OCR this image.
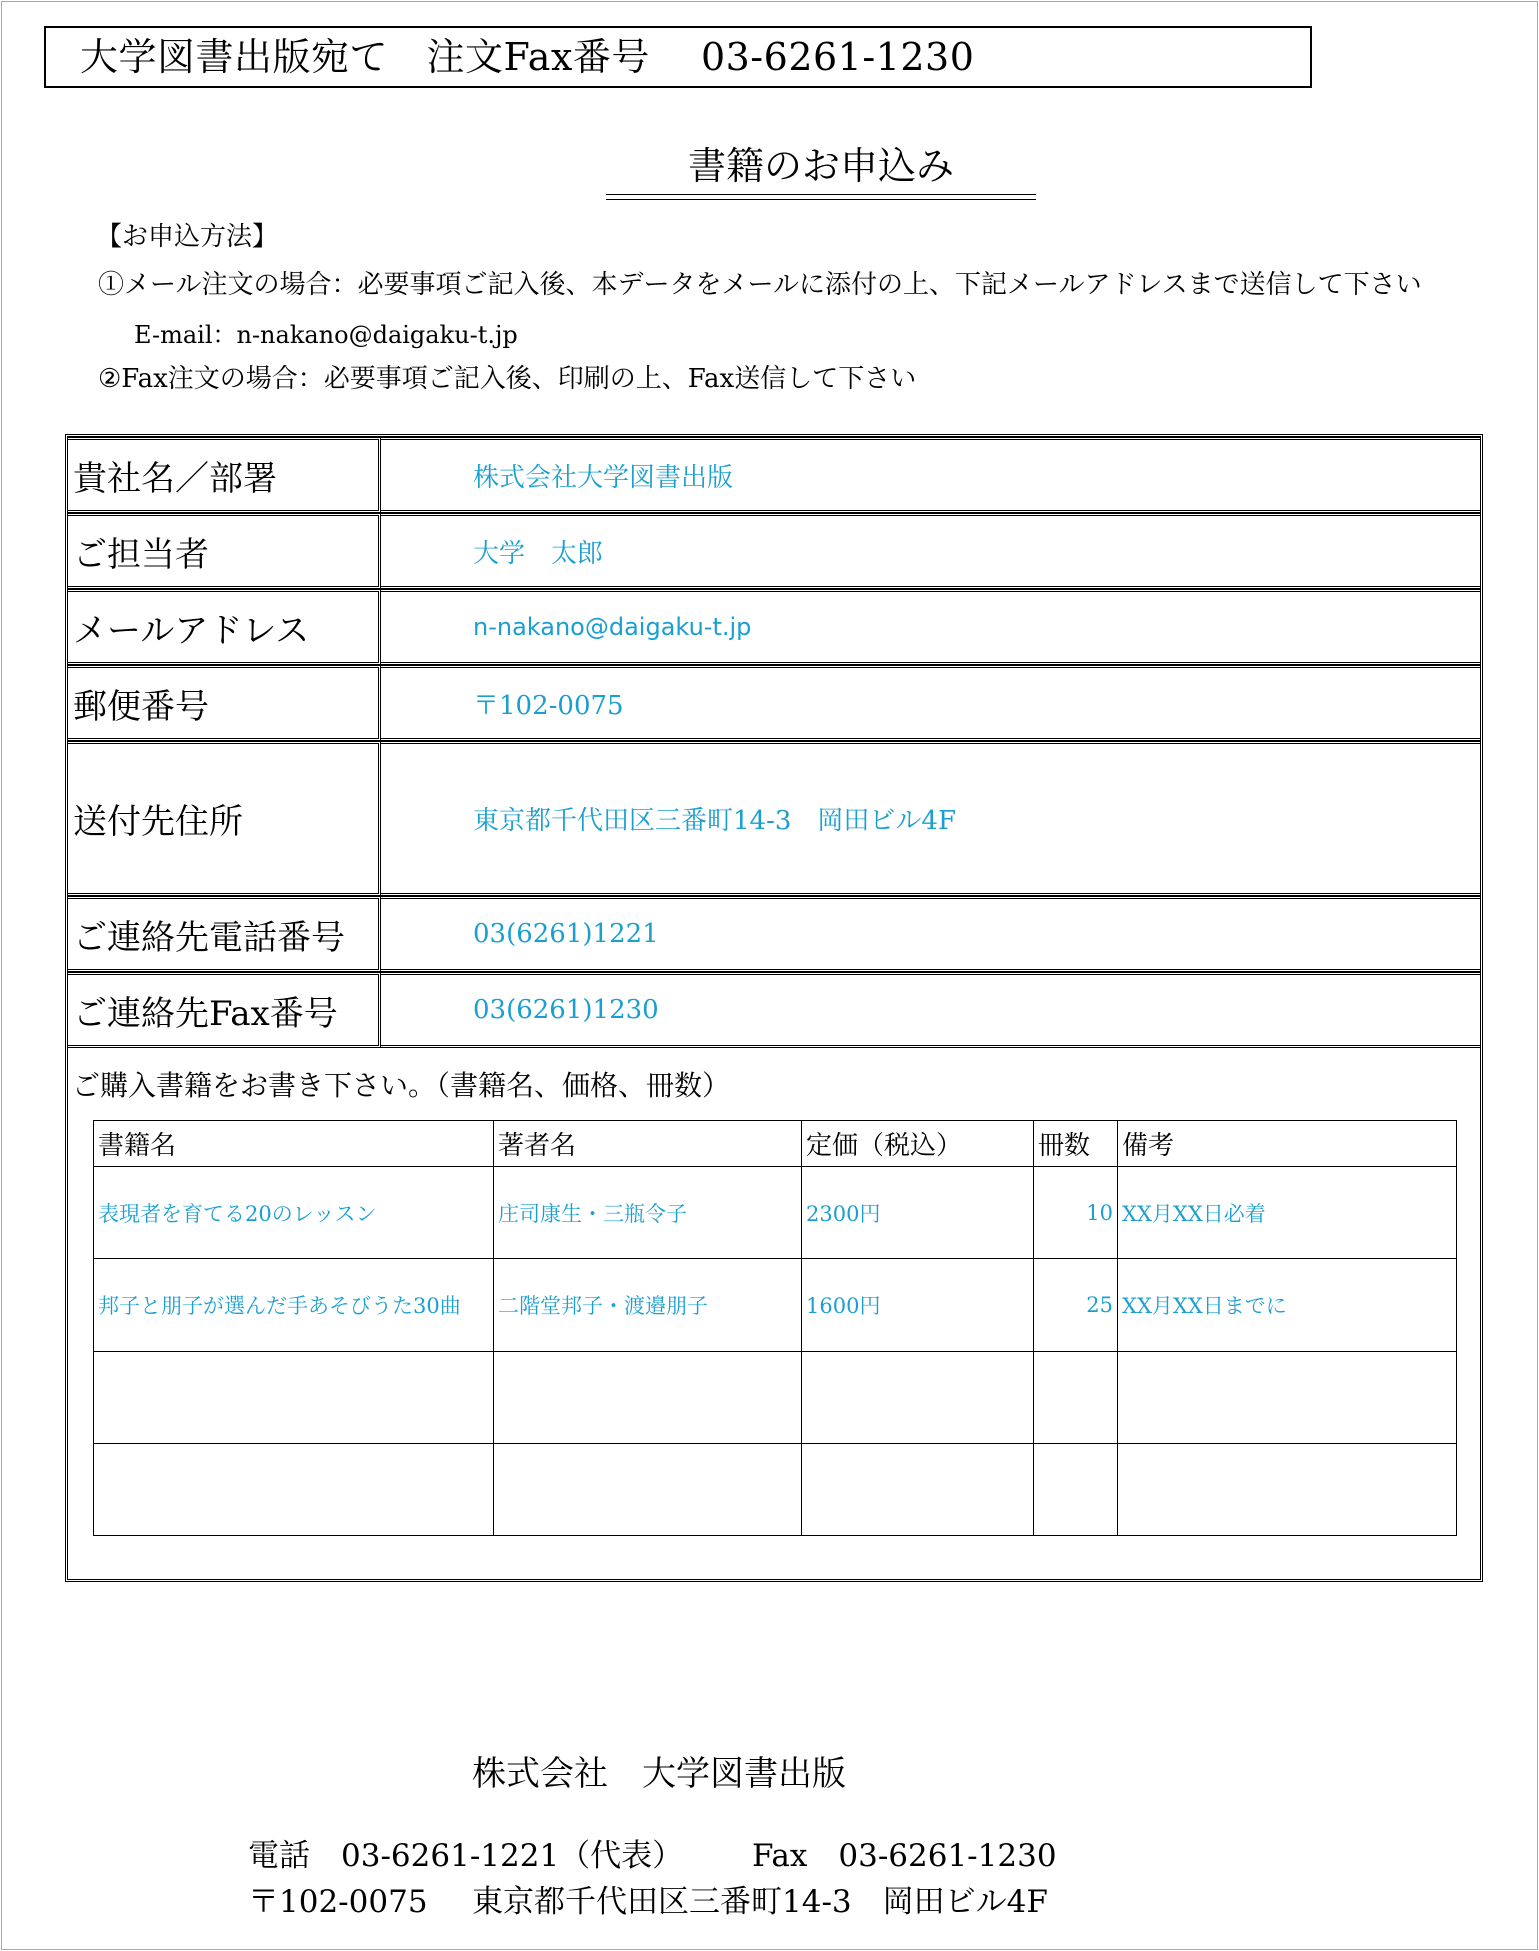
大学図書出版宛て　注文Fax番号　 03-6261-1230
書籍のお申込み
【お申込方法】
①メール注文の場合：必要事項ご記入後、本データをメールに添付の上、下記メールアドレスまで送信して下さい
E-mail：n-nakano@daigaku-t.jp
②Fax注文の場合：必要事項ご記入後、印刷の上、Fax送信して下さい
貴社名／部署	株式会社大学図書出版
ご担当者	大学　太郎
メールアドレス	n-nakano@daigaku-t.jp
郵便番号	〒102-0075
送付先住所	東京都千代田区三番町14-3　岡田ビル4F
ご連絡先電話番号	03(6261)1221
ご連絡先Fax番号	03(6261)1230
ご購入書籍をお書き下さい。（書籍名、価格、冊数）
書籍名	著者名	定価（税込）	冊数	備考
表現者を育てる20のレッスン	庄司康生・三瓶令子	2300円	10	XX月XX日必着
邦子と朋子が選んだ手あそびうた30曲	二階堂邦子・渡邉朋子	1600円	25	XX月XX日までに

株式会社　大学図書出版
電話　03-6261-1221（代表） Fax　03-6261-1230
〒102-0075 東京都千代田区三番町14-3　岡田ビル4F
